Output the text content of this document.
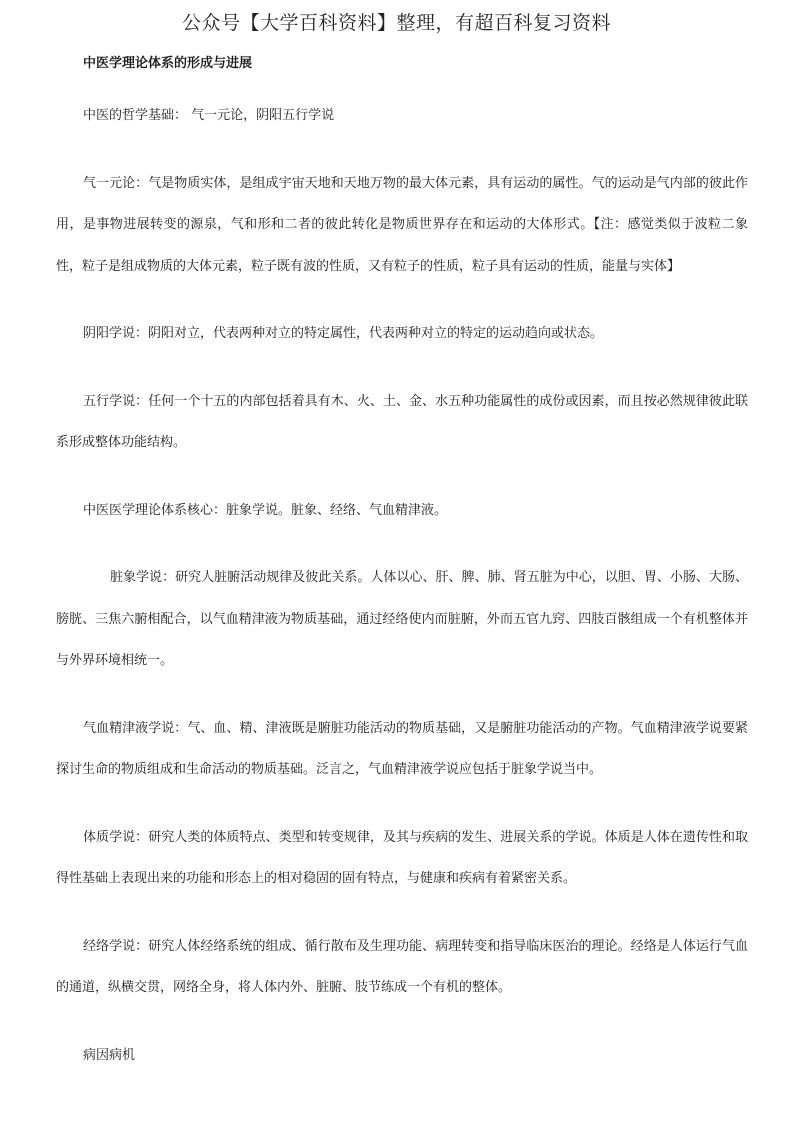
公众号【大学百科资料】整理，有超百科复习资料
中医学理论体系的形成与进展

中医的哲学基础： 气一元论，阴阳五行学说

气一元论：气是物质实体，是组成宇宙天地和天地万物的最大体元素，具有运动的属性。气的运动是气内部的彼此作用，是事物进展转变的源泉，气和形和二者的彼此转化是物质世界存在和运动的大体形式。【注：感觉类似于波粒二象性，粒子是组成物质的大体元素，粒子既有波的性质，又有粒子的性质，粒子具有运动的性质，能量与实体】

阴阳学说：阴阳对立，代表两种对立的特定属性，代表两种对立的特定的运动趋向或状态。

五行学说：任何一个十五的内部包括着具有木、火、土、金、水五种功能属性的成份或因素，而且按必然规律彼此联系形成整体功能结构。

中医医学理论体系核心：脏象学说。脏象、经络、气血精津液。

脏象学说：研究人脏腑活动规律及彼此关系。人体以心、肝、脾、肺、肾五脏为中心，以胆、胃、小肠、大肠、膀胱、三焦六腑相配合，以气血精津液为物质基础，通过经络使内而脏腑，外而五官九窍、四肢百骸组成一个有机整体并与外界环境相统一。

气血精津液学说：气、血、精、津液既是腑脏功能活动的物质基础，又是腑脏功能活动的产物。气血精津液学说要紧探讨生命的物质组成和生命活动的物质基础。泛言之，气血精津液学说应包括于脏象学说当中。

体质学说：研究人类的体质特点、类型和转变规律，及其与疾病的发生、进展关系的学说。体质是人体在遗传性和取得性基础上表现出来的功能和形态上的相对稳固的固有特点，与健康和疾病有着紧密关系。

经络学说：研究人体经络系统的组成、循行散布及生理功能、病理转变和指导临床医治的理论。经络是人体运行气血的通道，纵横交贯，网络全身，将人体内外、脏腑、肢节练成一个有机的整体。

病因病机
